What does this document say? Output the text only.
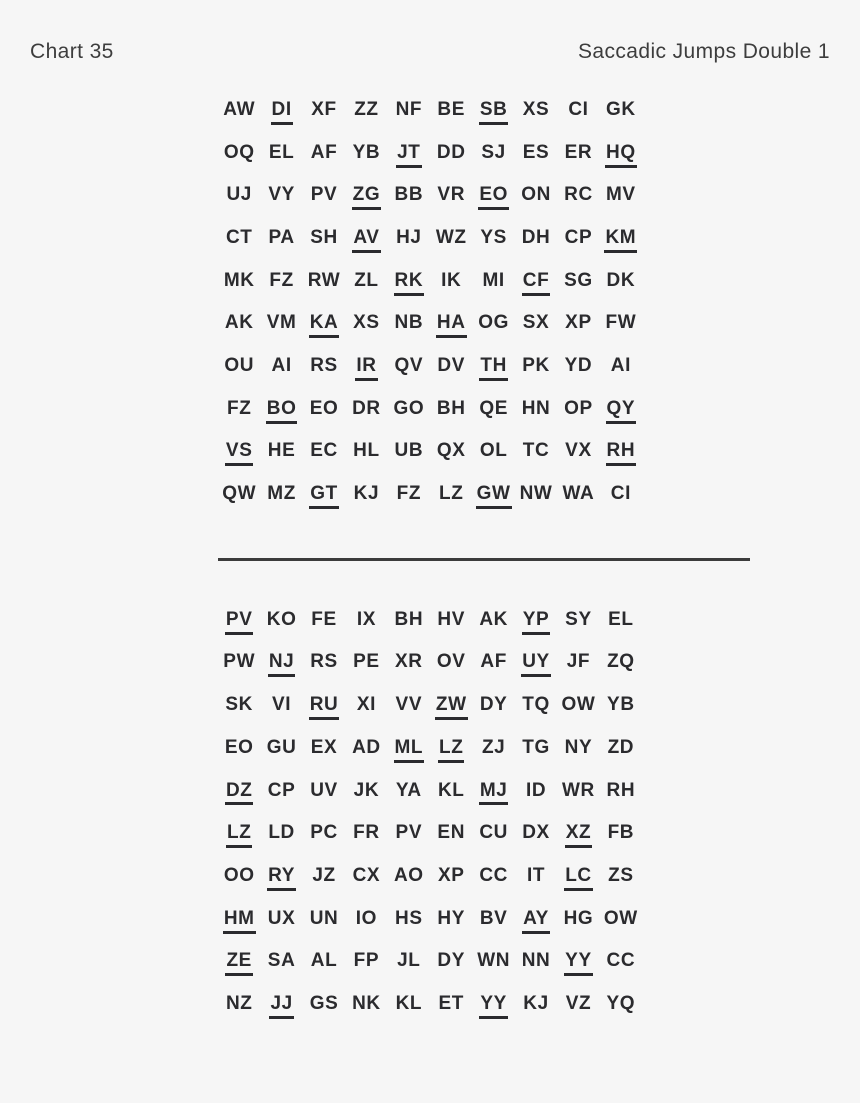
Chart 35	Saccadic Jumps Double 1
AW DI XF ZZ NF BE SB XS CI GK
OQ EL AF YB JT DD SJ ES ER HQ
UJ VY PV ZG BB VR EO ON RC MV
CT PA SH AV HJ WZ YS DH CP KM
MK FZ RW ZL RK IK MI CF SG DK
AK VM KA XS NB HA OG SX XP FW
OU AI RS IR QV DV TH PK YD AI
FZ BO EO DR GO BH QE HN OP QY
VS HE EC HL UB QX OL TC VX RH
QW MZ GT KJ FZ LZ GW NW WA CI
PV KO FE IX BH HV AK YP SY EL
PW NJ RS PE XR OV AF UY JF ZQ
SK VI RU XI VV ZW DY TQ OW YB
EO GU EX AD ML LZ ZJ TG NY ZD
DZ CP UV JK YA KL MJ ID WR RH
LZ LD PC FR PV EN CU DX XZ FB
OO RY JZ CX AO XP CC IT LC ZS
HM UX UN IO HS HY BV AY HG OW
ZE SA AL FP JL DY WN NN YY CC
NZ JJ GS NK KL ET YY KJ VZ YQ
